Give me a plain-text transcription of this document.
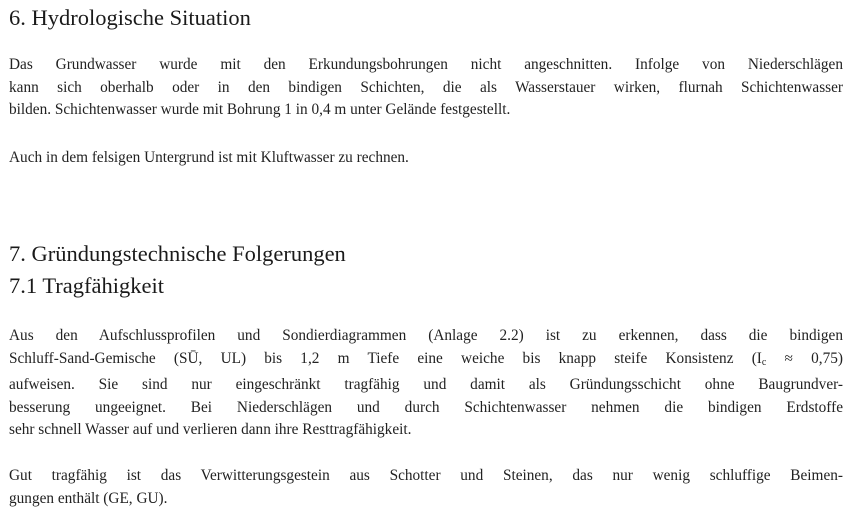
6. Hydrologische Situation
Das Grundwasser wurde mit den Erkundungsbohrungen nicht angeschnitten. Infolge von Niederschlägen
kann sich oberhalb oder in den bindigen Schichten, die als Wasserstauer wirken, flurnah Schichtenwasser
bilden. Schichtenwasser wurde mit Bohrung 1 in 0,4 m unter Gelände festgestellt.
Auch in dem felsigen Untergrund ist mit Kluftwasser zu rechnen.
7. Gründungstechnische Folgerungen
7.1 Tragfähigkeit
Aus den Aufschlussprofilen und Sondierdiagrammen (Anlage 2.2) ist zu erkennen, dass die bindigen
Schluff-Sand-Gemische (SŪ, UL) bis 1,2 m Tiefe eine weiche bis knapp steife Konsistenz $(I_c \approx 0,75)$
aufweisen. Sie sind nur eingeschränkt tragfähig und damit als Gründungsschicht ohne Baugrundver-
besserung ungeeignet. Bei Niederschlägen und durch Schichtenwasser nehmen die bindigen Erdstoffe
sehr schnell Wasser auf und verlieren dann ihre Resttragfähigkeit.
Gut tragfähig ist das Verwitterungsgestein aus Schotter und Steinen, das nur wenig schluffige Beimen-
gungen enthält (GE, GU).
